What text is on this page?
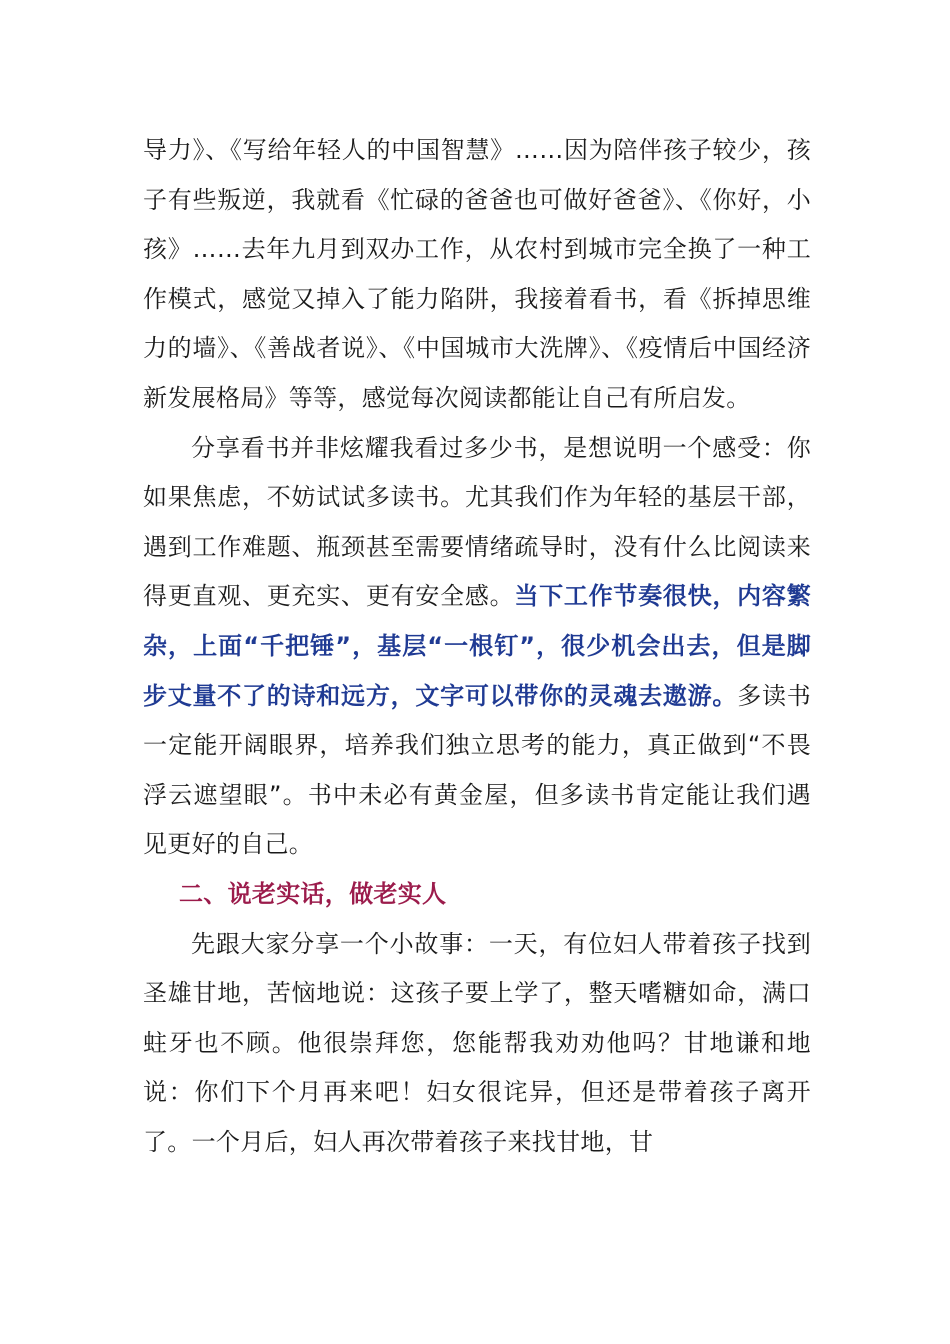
导力》、《写给年轻人的中国智慧》……因为陪伴孩子较少，孩子有些叛逆，我就看《忙碌的爸爸也可做好爸爸》、《你好，小孩》……去年九月到双办工作，从农村到城市完全换了一种工作模式，感觉又掉入了能力陷阱，我接着看书，看《拆掉思维力的墙》、《善战者说》、《中国城市大洗牌》、《疫情后中国经济新发展格局》等等，感觉每次阅读都能让自己有所启发。

分享看书并非炫耀我看过多少书，是想说明一个感受：你如果焦虑，不妨试试多读书。尤其我们作为年轻的基层干部，遇到工作难题、瓶颈甚至需要情绪疏导时，没有什么比阅读来得更直观、更充实、更有安全感。当下工作节奏很快，内容繁杂，上面“千把锤”，基层“一根钉”，很少机会出去，但是脚步丈量不了的诗和远方，文字可以带你的灵魂去遨游。多读书一定能开阔眼界，培养我们独立思考的能力，真正做到“不畏浮云遮望眼”。书中未必有黄金屋，但多读书肯定能让我们遇见更好的自己。

二、说老实话，做老实人

先跟大家分享一个小故事：一天，有位妇人带着孩子找到圣雄甘地，苦恼地说：这孩子要上学了，整天嗜糖如命，满口蛀牙也不顾。他很崇拜您，您能帮我劝劝他吗？甘地谦和地说：你们下个月再来吧！妇女很诧异，但还是带着孩子离开了。一个月后，妇人再次带着孩子来找甘地，甘
